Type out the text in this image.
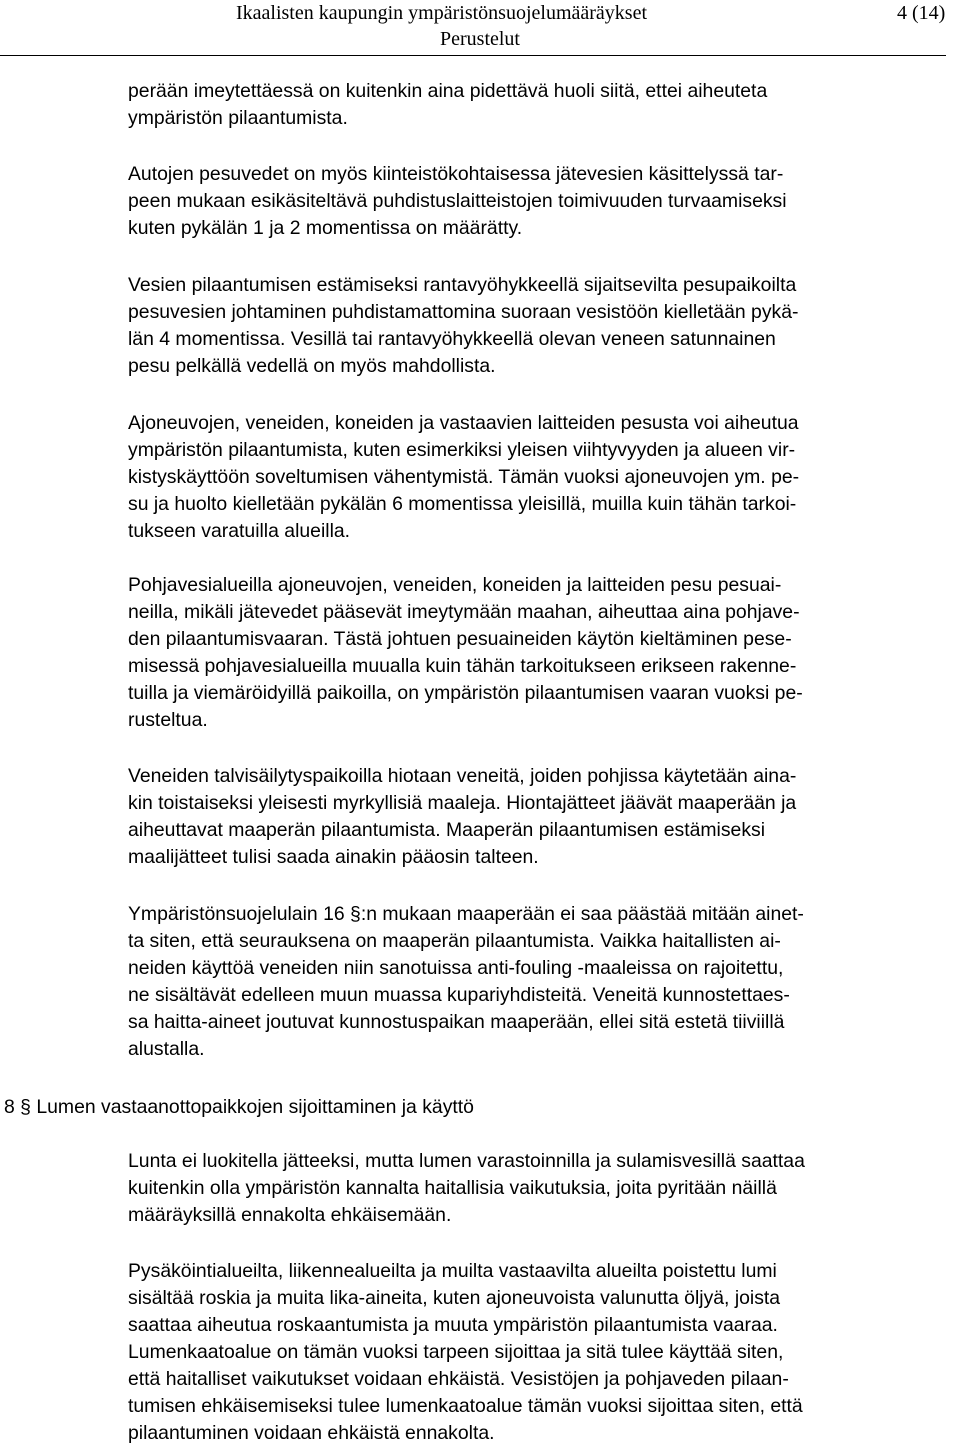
Ikaalisten kaupungin ympäristönsuojelumääräykset	4 (14)
Perustelut
perään imeytettäessä on kuitenkin aina pidettävä huoli siitä, ettei aiheuteta
ympäristön pilaantumista.
Autojen pesuvedet on myös kiinteistökohtaisessa jätevesien käsittelyssä tar-
peen mukaan esikäsiteltävä puhdistuslaitteistojen toimivuuden turvaamiseksi
kuten pykälän 1 ja 2 momentissa on määrätty.
Vesien pilaantumisen estämiseksi rantavyöhykkeellä sijaitsevilta pesupaikoilta
pesuvesien johtaminen puhdistamattomina suoraan vesistöön kielletään pykä-
län 4 momentissa. Vesillä tai rantavyöhykkeellä olevan veneen satunnainen
pesu pelkällä vedellä on myös mahdollista.
Ajoneuvojen, veneiden, koneiden ja vastaavien laitteiden pesusta voi aiheutua
ympäristön pilaantumista, kuten esimerkiksi yleisen viihtyvyyden ja alueen vir-
kistyskäyttöön soveltumisen vähentymistä. Tämän vuoksi ajoneuvojen ym. pe-
su ja huolto kielletään pykälän 6 momentissa yleisillä, muilla kuin tähän tarkoi-
tukseen varatuilla alueilla.
Pohjavesialueilla ajoneuvojen, veneiden, koneiden ja laitteiden pesu pesuai-
neilla, mikäli jätevedet pääsevät imeytymään maahan, aiheuttaa aina pohjave-
den pilaantumisvaaran. Tästä johtuen pesuaineiden käytön kieltäminen pese-
misessä pohjavesialueilla muualla kuin tähän tarkoitukseen erikseen rakenne-
tuilla ja viemäröidyillä paikoilla, on ympäristön pilaantumisen vaaran vuoksi pe-
rusteltua.
Veneiden talvisäilytyspaikoilla hiotaan veneitä, joiden pohjissa käytetään aina-
kin toistaiseksi yleisesti myrkyllisiä maaleja. Hiontajätteet jäävät maaperään ja
aiheuttavat maaperän pilaantumista. Maaperän pilaantumisen estämiseksi
maalijätteet tulisi saada ainakin pääosin talteen.
Ympäristönsuojelulain 16 §:n mukaan maaperään ei saa päästää mitään ainet-
ta siten, että seurauksena on maaperän pilaantumista. Vaikka haitallisten ai-
neiden käyttöä veneiden niin sanotuissa anti-fouling -maaleissa on rajoitettu,
ne sisältävät edelleen muun muassa kupariyhdisteitä. Veneitä kunnostettaes-
sa haitta-aineet joutuvat kunnostuspaikan maaperään, ellei sitä estetä tiiviillä
alustalla.
8 § Lumen vastaanottopaikkojen sijoittaminen ja käyttö
Lunta ei luokitella jätteeksi, mutta lumen varastoinnilla ja sulamisvesillä saattaa
kuitenkin olla ympäristön kannalta haitallisia vaikutuksia, joita pyritään näillä
määräyksillä ennakolta ehkäisemään.
Pysäköintialueilta, liikennealueilta ja muilta vastaavilta alueilta poistettu lumi
sisältää roskia ja muita lika-aineita, kuten ajoneuvoista valunutta öljyä, joista
saattaa aiheutua roskaantumista ja muuta ympäristön pilaantumista vaaraa.
Lumenkaatoalue on tämän vuoksi tarpeen sijoittaa ja sitä tulee käyttää siten,
että haitalliset vaikutukset voidaan ehkäistä. Vesistöjen ja pohjaveden pilaan-
tumisen ehkäisemiseksi tulee lumenkaatoalue tämän vuoksi sijoittaa siten, että
pilaantuminen voidaan ehkäistä ennakolta.
